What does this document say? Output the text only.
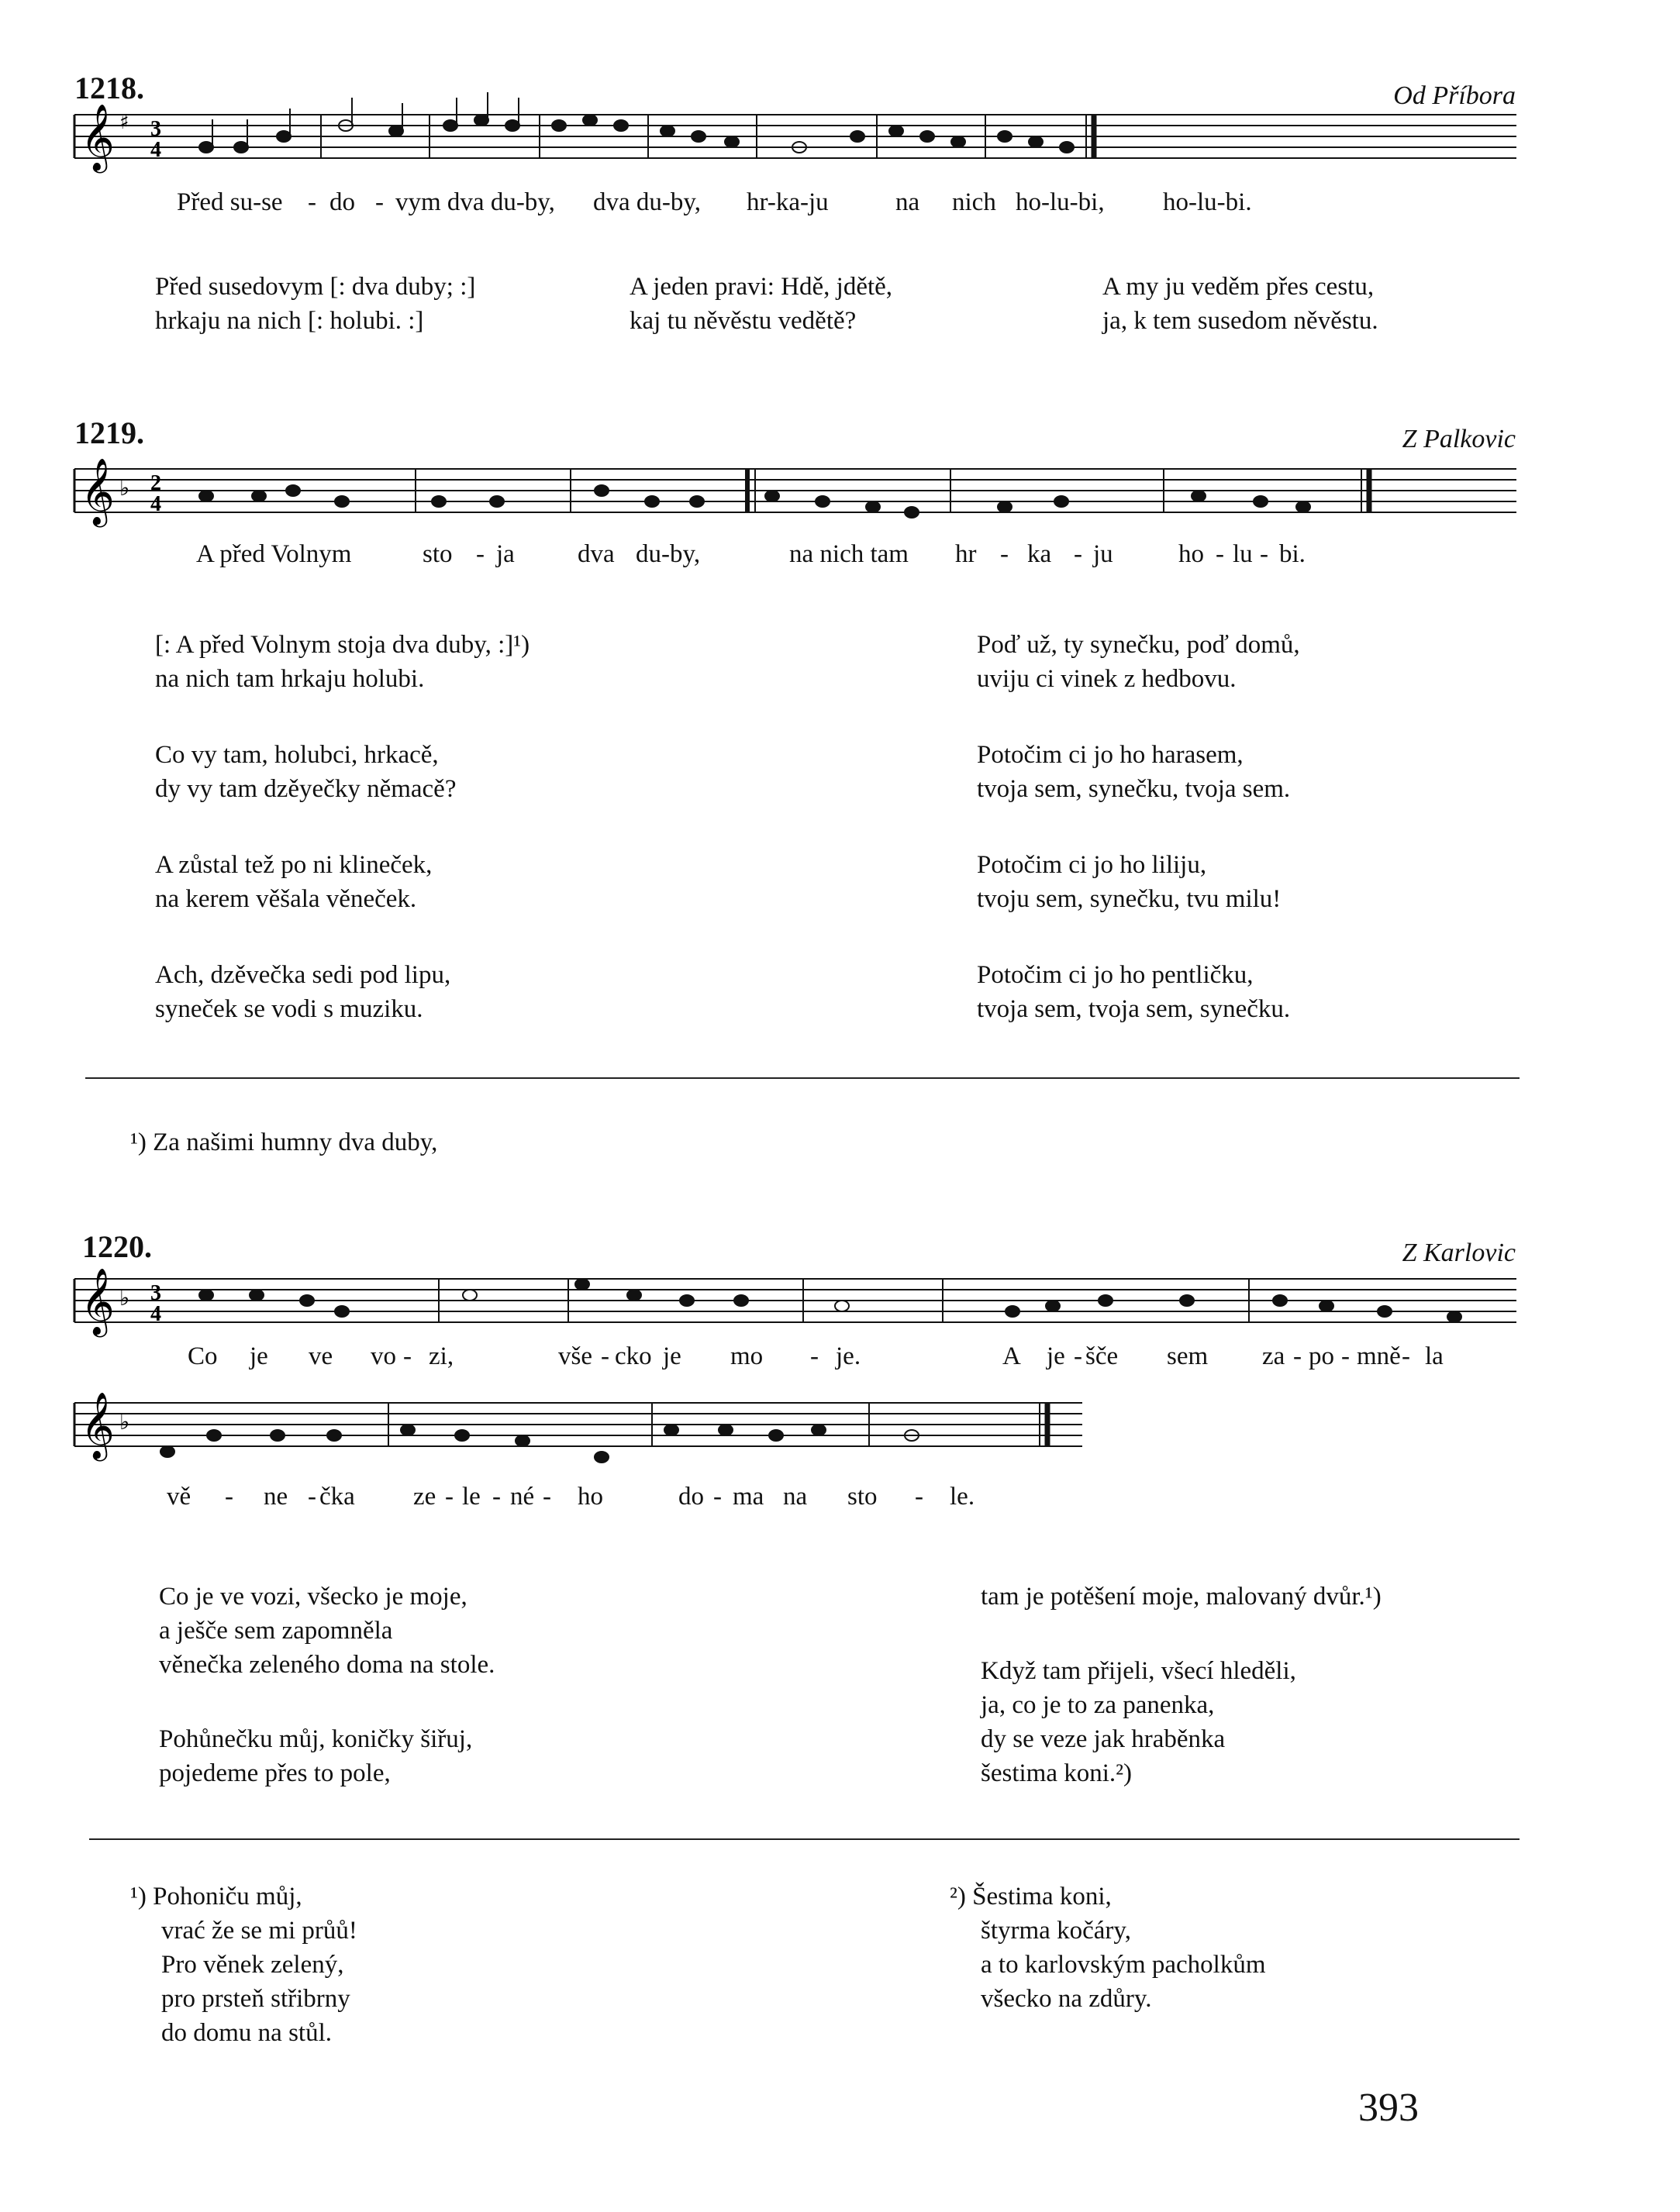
1218.	Od Příbora
𝄞 ♯ 3
4
Před su-se - do - vym dva du-by, dva du-by, hr-ka-ju	na nich ho-lu-bi, ho-lu-bi.
Před susedovym [: dva duby; :]
hrkaju na nich [: holubi. :]
A jeden pravi: Hdě, jdětě,
kaj tu něvěstu vedětě?
A my ju veděm přes cestu,
ja, k tem susedom něvěstu.
1219.	Z Palkovic
𝄞 ♭ 2
4
A před Volnym	sto - ja dva du-by,	na nich tam hr - ka - ju	ho - lu - bi.
[: A před Volnym stoja dva duby, :]¹)
na nich tam hrkaju holubi.
Co vy tam, holubci, hrkacě,
dy vy tam dzěyečky němacě?
A zůstal tež po ni klineček,
na kerem věšala věneček.
Ach, dzěvečka sedi pod lipu,
syneček se vodi s muziku.
Poď už, ty synečku, poď domů,
uviju ci vinek z hedbovu.
Potočim ci jo ho harasem,
tvoja sem, synečku, tvoja sem.
Potočim ci jo ho liliju,
tvoju sem, synečku, tvu milu!
Potočim ci jo ho pentličku,
tvoja sem, tvoja sem, synečku.
¹) Za našimi humny dva duby,
1220.	Z Karlovic
𝄞 ♭ 3
4
Co je ve vo - zi,	vše - cko je mo - je.	A je - šče sem za - po - mně - la
𝄞 ♭
vě - ne - čka ze - le - né - ho	do - ma na sto - le.
Co je ve vozi, všecko je moje,
a ješče sem zapomněla
věnečka zeleného doma na stole.
Pohůnečku můj, koničky šiřuj,
pojedeme přes to pole,
tam je potěšení moje, malovaný dvůr.¹)
Když tam přijeli, všecí hleděli,
ja, co je to za panenka,
dy se veze jak hraběnka
šestima koni.²)
¹) Pohoniču můj,
vrać že se mi průů!
Pro věnek zelený,
pro prsteň střibrny
do domu na stůl.
²) Šestima koni,
štyrma kočáry,
a to karlovským pacholkům
všecko na zdůry.
393
